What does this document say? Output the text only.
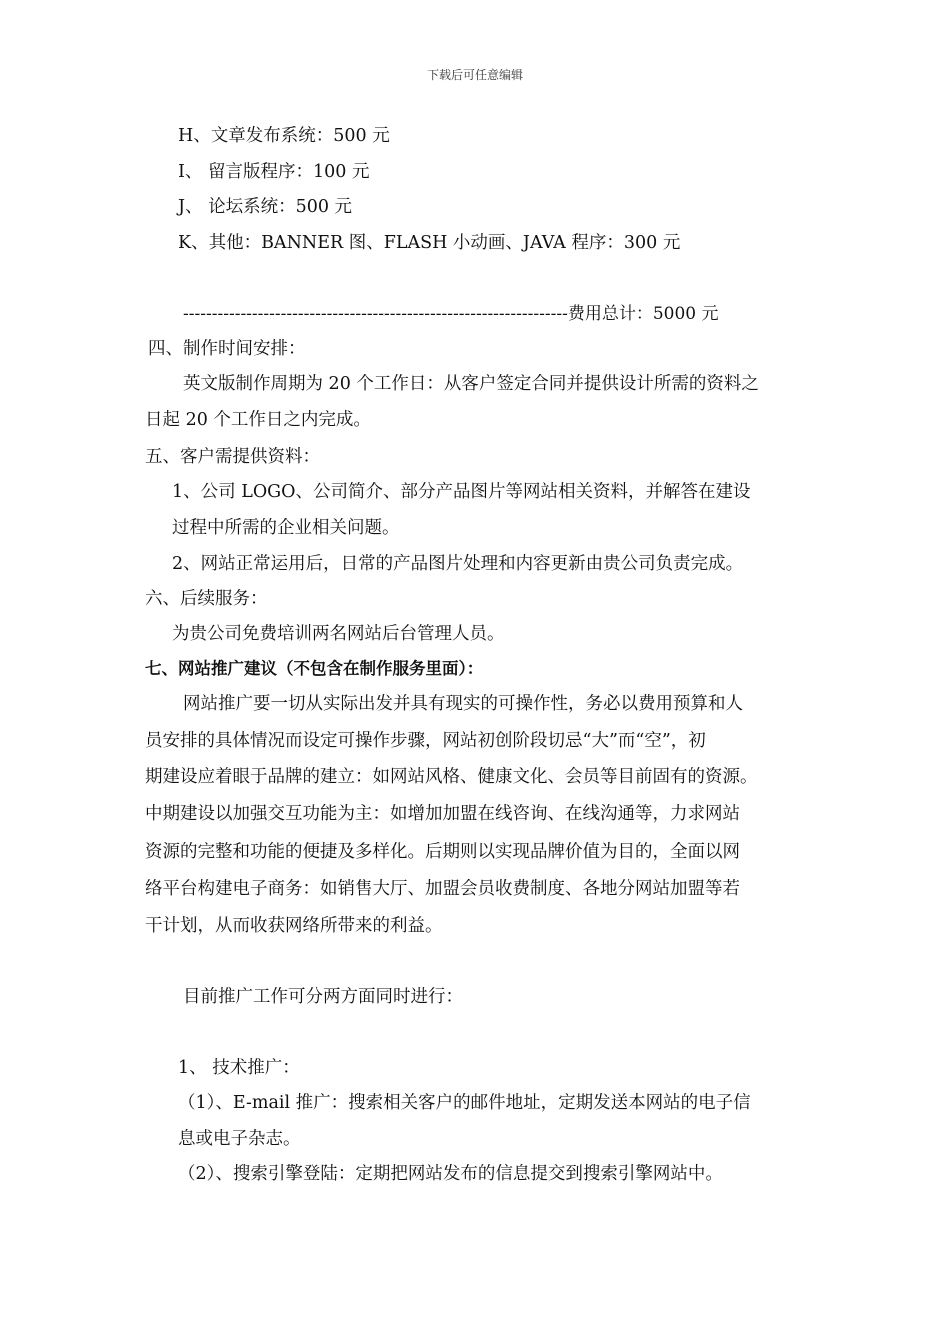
下载后可任意编辑
H、文章发布系统：500 元
I、 留言版程序：100 元
J、 论坛系统：500 元
K、其他：BANNER 图、FLASH 小动画、JAVA 程序：300 元
-------------------------------------------------------------------费用总计：5000 元
四、制作时间安排：
英文版制作周期为 20 个工作日：从客户签定合同并提供设计所需的资料之
日起 20 个工作日之内完成。
五、客户需提供资料：
1、公司 LOGO、公司简介、部分产品图片等网站相关资料，并解答在建设
过程中所需的企业相关问题。
2、网站正常运用后，日常的产品图片处理和内容更新由贵公司负责完成。
六、后续服务：
为贵公司免费培训两名网站后台管理人员。
七、网站推广建议（不包含在制作服务里面）：
网站推广要一切从实际出发并具有现实的可操作性，务必以费用预算和人
员安排的具体情况而设定可操作步骤，网站初创阶段切忌“大”而“空”，初
期建设应着眼于品牌的建立：如网站风格、健康文化、会员等目前固有的资源。
中期建设以加强交互功能为主：如增加加盟在线咨询、在线沟通等，力求网站
资源的完整和功能的便捷及多样化。后期则以实现品牌价值为目的，全面以网
络平台构建电子商务：如销售大厅、加盟会员收费制度、各地分网站加盟等若
干计划，从而收获网络所带来的利益。
目前推广工作可分两方面同时进行：
1、 技术推广：
（1）、E-mail 推广：搜索相关客户的邮件地址，定期发送本网站的电子信
息或电子杂志。
（2）、搜索引擎登陆：定期把网站发布的信息提交到搜索引擎网站中。
